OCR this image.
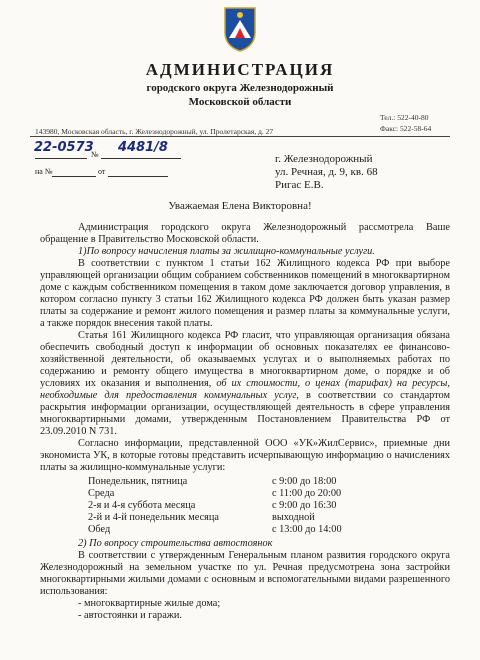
АДМИНИСТРАЦИЯ
городского округа Железнодорожный
Московской области
Тел.: 522-40-80
Факс: 522-58-64
143980, Московская область, г. Железнодорожный, ул. Пролетарская, д. 27
22-0573
№ 4481/8
на №	от
г. Железнодорожный
ул. Речная, д. 9, кв. 68
Ригас Е.В.
Уважаемая Елена Викторовна!

Администрация городского округа Железнодорожный рассмотрела Ваше обращение в Правительство Московской области.

1)По вопросу начисления платы за жилищно-коммунальные услуги.

В соответствии с пунктом 1 статьи 162 Жилищного кодекса РФ при выборе управляющей организации общим собранием собственников помещений в многоквартирном доме с каждым собственником помещения в таком доме заключается договор управления, в котором согласно пункту 3 статьи 162 Жилищного кодекса РФ должен быть указан размер платы за содержание и ремонт жилого помещения и размер платы за коммунальные услуги, а также порядок внесения такой платы.

Статья 161 Жилищного кодекса РФ гласит, что управляющая организация обязана обеспечить свободный доступ к информации об основных показателях ее финансово-хозяйственной деятельности, об оказываемых услугах и о выполняемых работах по содержанию и ремонту общего имущества в многоквартирном доме, о порядке и об условиях их оказания и выполнения, об их стоимости, о ценах (тарифах) на ресурсы, необходимые для предоставления коммунальных услуг, в соответствии со стандартом раскрытия информации организации, осуществляющей деятельность в сфере управления многоквартирными домами, утвержденным Постановлением Правительства РФ от 23.09.2010 N 731.

Согласно информации, представленной ООО «УК»ЖилСервис», приемные дни экономиста УК, в которые готовы представить исчерпывающую информацию о начислениях платы за жилищно-коммунальные услуги:

Понедельник, пятница	с 9:00 до 18:00
Среда	с 11:00 до 20:00
2-я и 4-я суббота месяца	с 9:00 до 16:30
2-й и 4-й понедельник месяца	выходной
Обед	с 13:00 до 14:00

2) По вопросу строительства автостоянок

В соответствии с утвержденным Генеральным планом развития городского округа Железнодорожный на земельном участке по ул. Речная предусмотрена зона застройки многоквартирными жилыми домами с основным и вспомогательными видами разрешенного использования:

- многоквартирные жилые дома;

- автостоянки и гаражи.
